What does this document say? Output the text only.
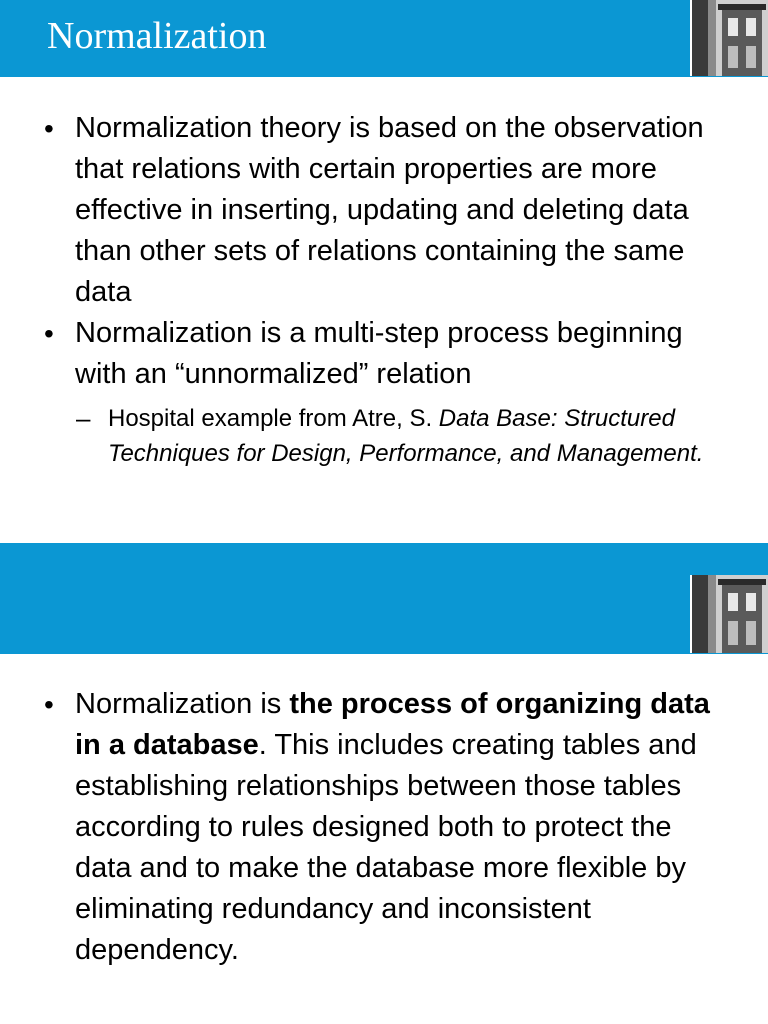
Normalization
• Normalization theory is based on the observation that relations with certain properties are more effective in inserting, updating and deleting data than other sets of relations containing the same data
• Normalization is a multi-step process beginning with an “unnormalized” relation
– Hospital example from Atre, S. Data Base: Structured Techniques for Design, Performance, and Management.
• Normalization is the process of organizing data in a database. This includes creating tables and establishing relationships between those tables according to rules designed both to protect the data and to make the database more flexible by eliminating redundancy and inconsistent dependency.
